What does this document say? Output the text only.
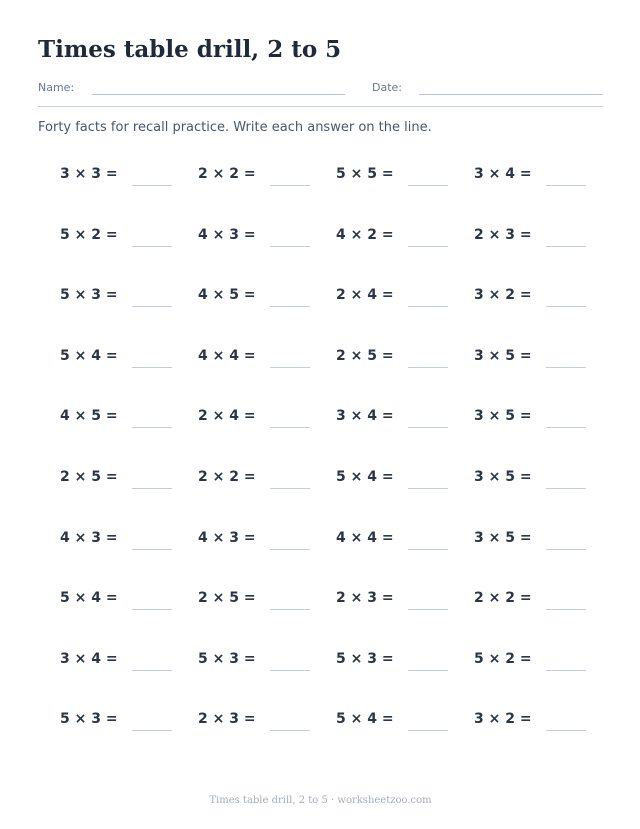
Times table drill, 2 to 5
Name:	Date:

Forty facts for recall practice. Write each answer on the line.

3 × 3 =	2 × 2 =	5 × 5 =	3 × 4 =
5 × 2 =	4 × 3 =	4 × 2 =	2 × 3 =
5 × 3 =	4 × 5 =	2 × 4 =	3 × 2 =
5 × 4 =	4 × 4 =	2 × 5 =	3 × 5 =
4 × 5 =	2 × 4 =	3 × 4 =	3 × 5 =
2 × 5 =	2 × 2 =	5 × 4 =	3 × 5 =
4 × 3 =	4 × 3 =	4 × 4 =	3 × 5 =
5 × 4 =	2 × 5 =	2 × 3 =	2 × 2 =
3 × 4 =	5 × 3 =	5 × 3 =	5 × 2 =
5 × 3 =	2 × 3 =	5 × 4 =	3 × 2 =
Times table drill, 2 to 5 · worksheetzoo.com
